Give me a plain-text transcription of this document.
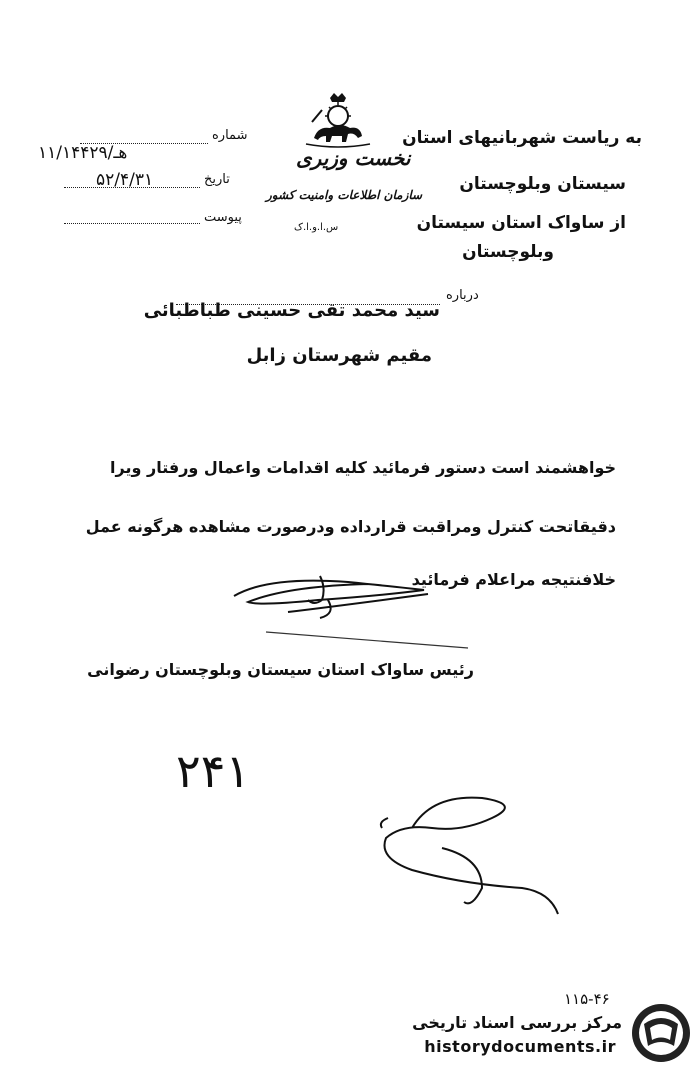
شماره
۱۱/۱۴۴۲۹/هـ
تاریخ
۵۲/۴/۳۱
پیوست
نخست وزیری
سازمان اطلاعات وامنیت کشور
س.ا.و.ا.ک
به ریاست شهربانیهای استان
سیستان وبلوچستان
از ساواک استان سیستان
وبلوچستان
درباره
سید محمد تقی حسینی طباطبائی
مقیم شهرستان زابل
خواهشمند است دستور فرمائید کلیه اقدامات واعمال ورفتار ویرا
دقیقاتحت کنترل ومراقبت قرارداده ودرصورت مشاهده هرگونه عمل
خلافنتیجه مراعلام فرمائید
رئیس ساواک استان سیستان وبلوچستان رضوانی
۲۴۱
۱۱۵-۴۶
مرکز بررسی اسناد تاریخی
historydocuments.ir
